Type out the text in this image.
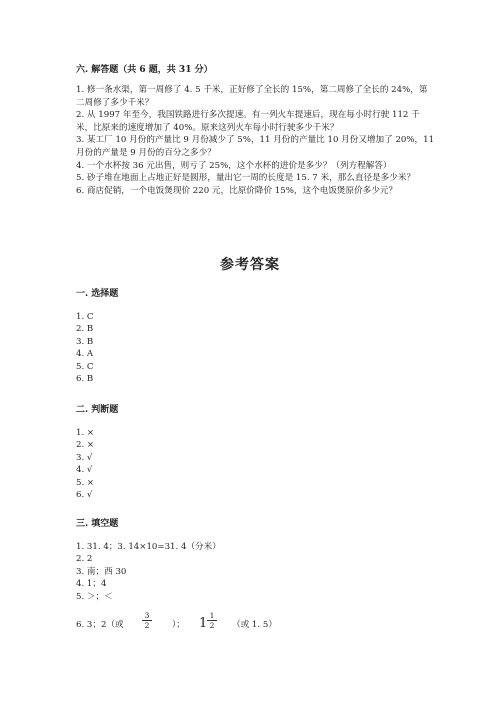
六. 解答题（共 6 题，共 31 分）

1. 修一条水渠，第一周修了 4. 5 千米，正好修了全长的 15%，第二周修了全长的 24%，第二周修了多少千米？

2. 从 1997 年至今，我国铁路进行多次提速。有一列火车提速后，现在每小时行驶 112 千米，比原来的速度增加了 40%。原来这列火车每小时行驶多少千米？

3. 某工厂 10 月份的产量比 9 月份减少了 5%，11 月份的产量比 10 月份又增加了 20%，11 月份的产量是 9 月份的百分之多少？

4. 一个水杯按 36 元出售，则亏了 25%，这个水杯的进价是多少？（列方程解答）

5. 砂子堆在地面上占地正好是圆形，量出它一周的长度是 15. 7 米，那么直径是多少米？

6. 商店促销，一个电饭煲现价 220 元，比原价降价 15%，这个电饭煲原价多少元？

参考答案
一. 选择题
1. C
2. B
3. B
4. A
5. C
6. B
二. 判断题
1. ×
2. ×
3. √
4. √
5. ×
6. √
三. 填空题
1. 31. 4；3. 14×10=31. 4（分米）
2. 2
3. 南；西 30
4. 1；4
5. ＞；＜
6. 3；2（或
3
2	）； 1
1
2	（或 1. 5）
